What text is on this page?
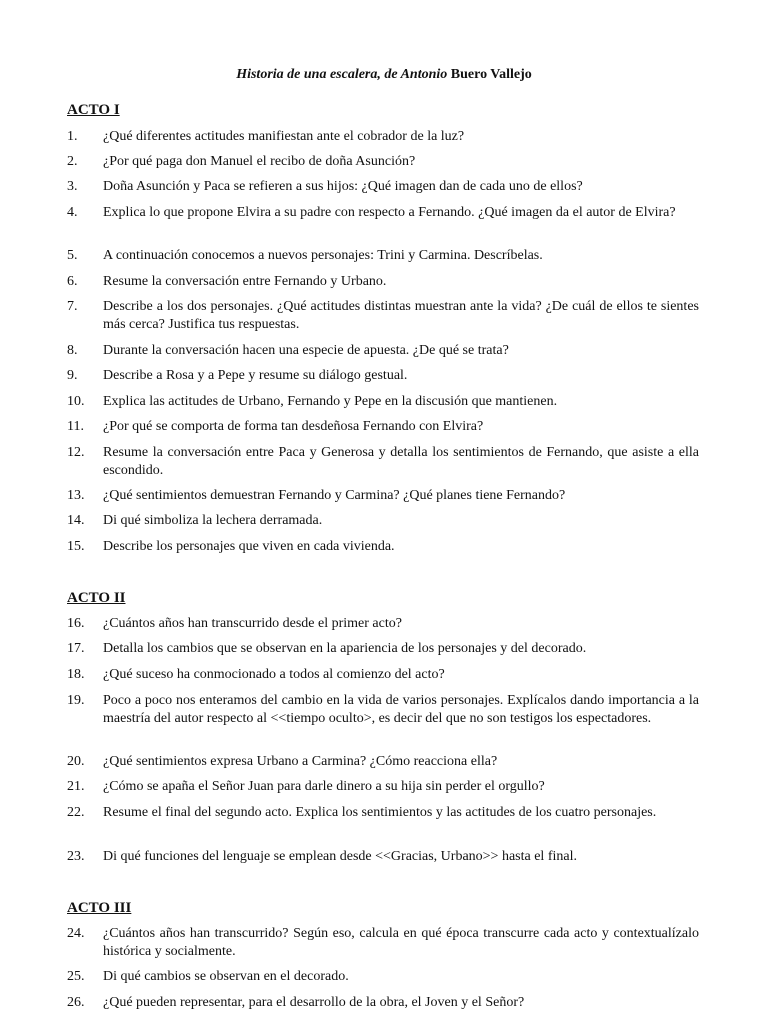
Historia de una escalera, de Antonio Buero Vallejo
ACTO I
1.	¿Qué diferentes actitudes manifiestan ante el cobrador de la luz?
2.	¿Por qué paga don Manuel el recibo de doña Asunción?
3.	Doña Asunción y Paca se refieren a sus hijos: ¿Qué imagen dan de cada uno de ellos?
4.	Explica lo que propone Elvira a su padre con respecto a Fernando. ¿Qué imagen da el autor de Elvira?
5.	A continuación conocemos a nuevos personajes: Trini y Carmina. Descríbelas.
6.	Resume la conversación entre Fernando y Urbano.
7.	Describe a los dos personajes. ¿Qué actitudes distintas muestran ante la vida? ¿De cuál de ellos te sientes más cerca? Justifica tus respuestas.
8.	Durante la conversación hacen una especie de apuesta. ¿De qué se trata?
9.	Describe a Rosa y a Pepe y resume su diálogo gestual.
10.	Explica las actitudes de Urbano, Fernando y Pepe en la discusión que mantienen.
11.	¿Por qué se comporta de forma tan desdeñosa Fernando con Elvira?
12.	Resume la conversación entre Paca y Generosa y detalla los sentimientos de Fernando, que asiste a ella escondido.
13.	¿Qué sentimientos demuestran Fernando y Carmina? ¿Qué planes tiene Fernando?
14.	Di qué simboliza la lechera derramada.
15.	Describe los personajes que viven en cada vivienda.
ACTO II
16.	¿Cuántos años han transcurrido desde el primer acto?
17.	Detalla los cambios que se observan en la apariencia de los personajes y del decorado.
18.	¿Qué suceso ha conmocionado a todos al comienzo del acto?
19.	Poco a poco nos enteramos del cambio en la vida de varios personajes. Explícalos dando importancia a la maestría del autor respecto al <<tiempo oculto>, es decir del que no son testigos los espectadores.
20.	¿Qué sentimientos expresa Urbano a Carmina? ¿Cómo reacciona ella?
21.	¿Cómo se apaña el Señor Juan para darle dinero a su hija sin perder el orgullo?
22.	Resume el final del segundo acto. Explica los sentimientos y las actitudes de los cuatro personajes.
23.	Di qué funciones del lenguaje se emplean desde <<Gracias, Urbano>> hasta el final.
ACTO III
24.	¿Cuántos años han transcurrido? Según eso, calcula en qué época transcurre cada acto y contextualízalo histórica y socialmente.
25.	Di qué cambios se observan en el decorado.
26.	¿Qué pueden representar, para el desarrollo de la obra, el Joven y el Señor?
